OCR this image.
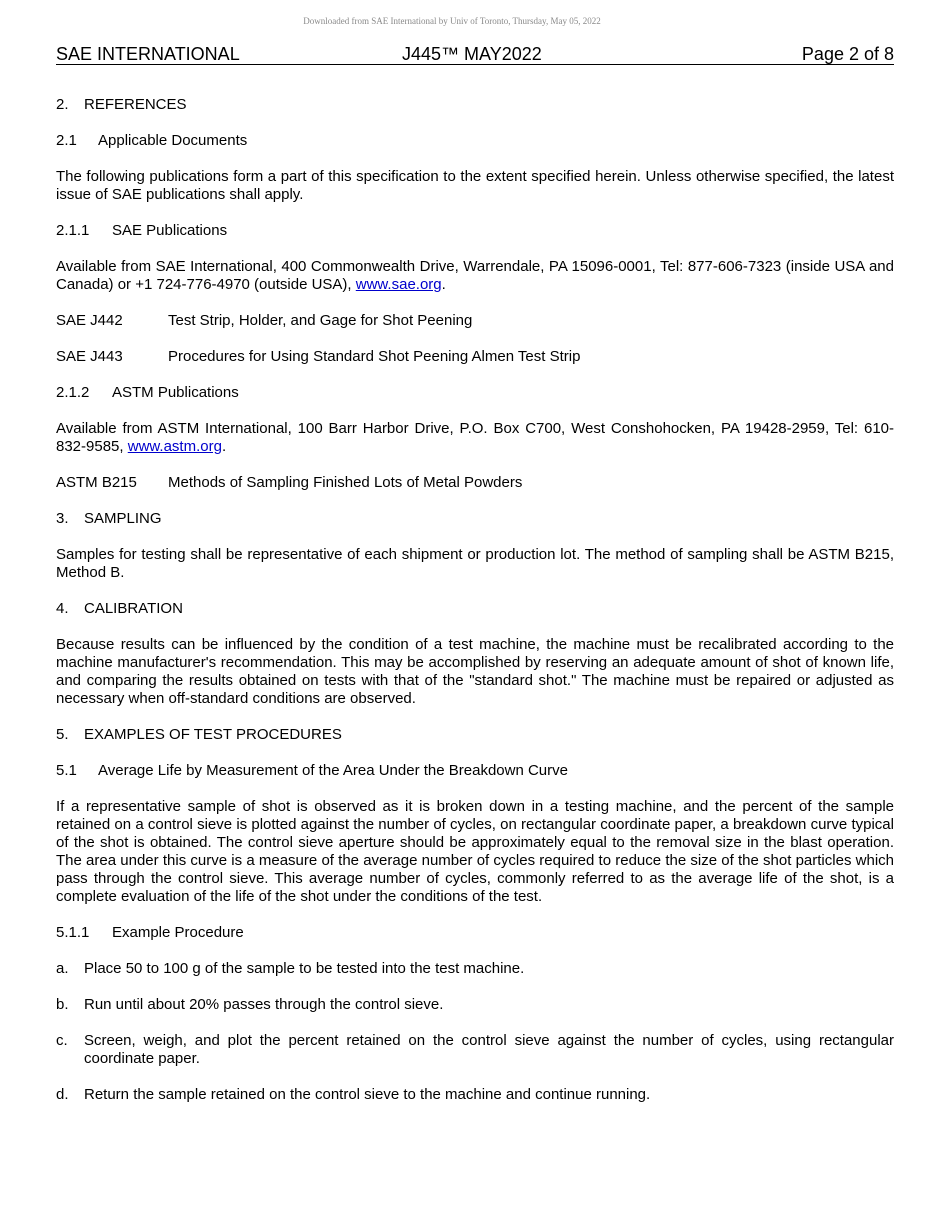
Downloaded from SAE International by Univ of Toronto, Thursday, May 05, 2022
SAE INTERNATIONAL	J445™ MAY2022	Page 2 of 8

2. REFERENCES

2.1 Applicable Documents

The following publications form a part of this specification to the extent specified herein. Unless otherwise specified, the latest issue of SAE publications shall apply.

2.1.1 SAE Publications

Available from SAE International, 400 Commonwealth Drive, Warrendale, PA 15096-0001, Tel: 877-606-7323 (inside USA and Canada) or +1 724-776-4970 (outside USA), www.sae.org.

SAE J442	Test Strip, Holder, and Gage for Shot Peening
SAE J443	Procedures for Using Standard Shot Peening Almen Test Strip

2.1.2 ASTM Publications

Available from ASTM International, 100 Barr Harbor Drive, P.O. Box C700, West Conshohocken, PA 19428-2959, Tel: 610-832-9585, www.astm.org.

ASTM B215	Methods of Sampling Finished Lots of Metal Powders

3. SAMPLING

Samples for testing shall be representative of each shipment or production lot. The method of sampling shall be ASTM B215, Method B.

4. CALIBRATION

Because results can be influenced by the condition of a test machine, the machine must be recalibrated according to the machine manufacturer's recommendation. This may be accomplished by reserving an adequate amount of shot of known life, and comparing the results obtained on tests with that of the "standard shot." The machine must be repaired or adjusted as necessary when off-standard conditions are observed.

5. EXAMPLES OF TEST PROCEDURES

5.1 Average Life by Measurement of the Area Under the Breakdown Curve

If a representative sample of shot is observed as it is broken down in a testing machine, and the percent of the sample retained on a control sieve is plotted against the number of cycles, on rectangular coordinate paper, a breakdown curve typical of the shot is obtained. The control sieve aperture should be approximately equal to the removal size in the blast operation. The area under this curve is a measure of the average number of cycles required to reduce the size of the shot particles which pass through the control sieve. This average number of cycles, commonly referred to as the average life of the shot, is a complete evaluation of the life of the shot under the conditions of the test.

5.1.1 Example Procedure

a.	Place 50 to 100 g of the sample to be tested into the test machine.
b.	Run until about 20% passes through the control sieve.
c.	Screen, weigh, and plot the percent retained on the control sieve against the number of cycles, using rectangular coordinate paper.
d.	Return the sample retained on the control sieve to the machine and continue running.
